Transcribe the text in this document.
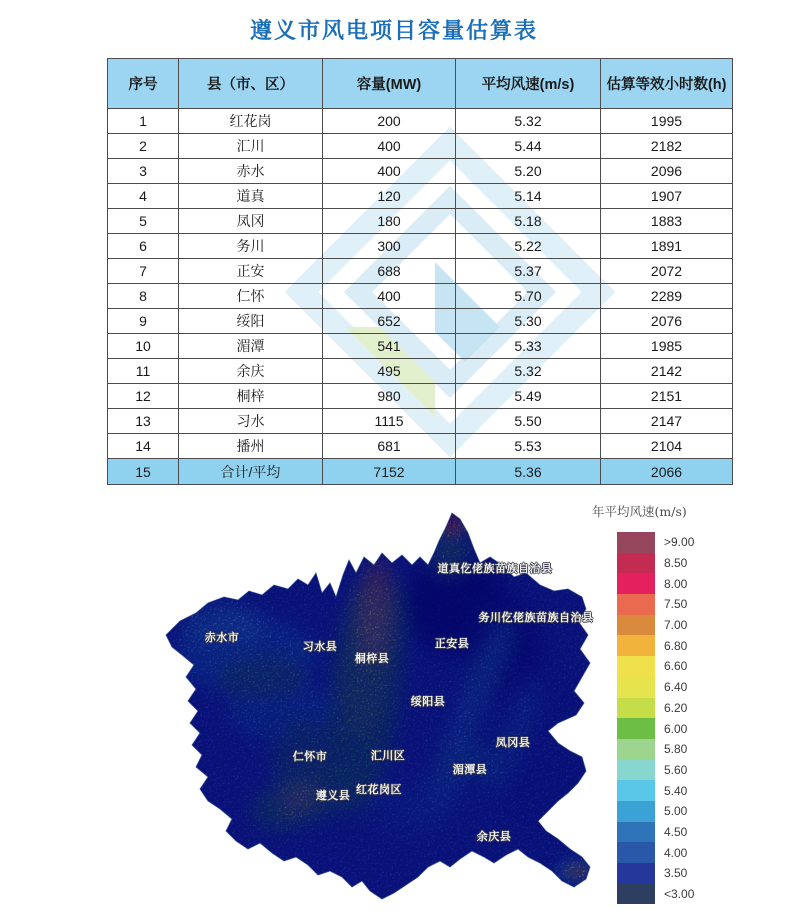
遵义市风电项目容量估算表
序号	县（市、区）	容量(MW)	平均风速(m/s)	估算等效小时数(h)
1	红花岗	200	5.32	1995
2	汇川	400	5.44	2182
3	赤水	400	5.20	2096
4	道真	120	5.14	1907
5	凤冈	180	5.18	1883
6	务川	300	5.22	1891
7	正安	688	5.37	2072
8	仁怀	400	5.70	2289
9	绥阳	652	5.30	2076
10	湄潭	541	5.33	1985
11	余庆	495	5.32	2142
12	桐梓	980	5.49	2151
13	习水	1115	5.50	2147
14	播州	681	5.53	2104
15	合计/平均	7152	5.36	2066
道真仡佬族苗族自治县
务川仡佬族苗族自治县
赤水市
习水县
桐梓县
正安县
绥阳县
凤冈县
仁怀市	汇川区
湄潭县
红花岗区
遵义县
余庆县
年平均风速(m/s)
>9.00
8.50
8.00
7.50
7.00
6.80
6.60
6.40
6.20
6.00
5.80
5.60
5.40
5.00
4.50
4.00
3.50
<3.00
